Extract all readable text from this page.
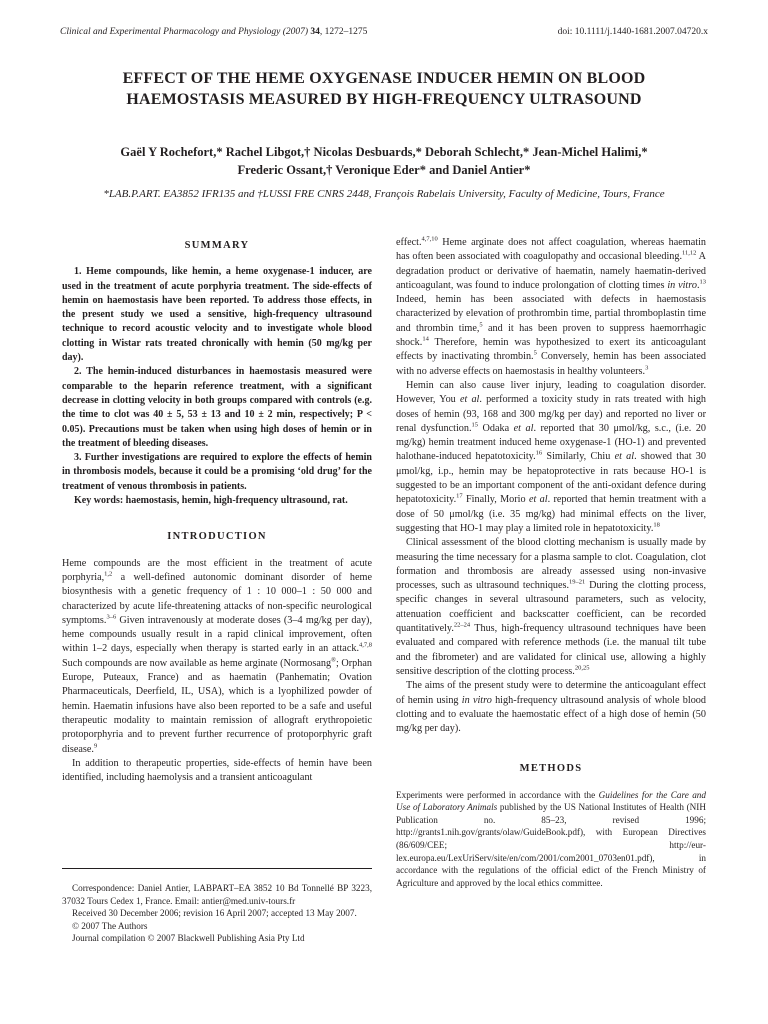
Clinical and Experimental Pharmacology and Physiology (2007) 34, 1272–1275	doi: 10.1111/j.1440-1681.2007.04720.x
EFFECT OF THE HEME OXYGENASE INDUCER HEMIN ON BLOOD
HAEMOSTASIS MEASURED BY HIGH-FREQUENCY ULTRASOUND
Gaël Y Rochefort,* Rachel Libgot,† Nicolas Desbuards,* Deborah Schlecht,* Jean-Michel Halimi,*
Frederic Ossant,† Veronique Eder* and Daniel Antier*
*LAB.P.ART. EA3852 IFR135 and †LUSSI FRE CNRS 2448, François Rabelais University, Faculty of Medicine, Tours, France
SUMMARY

1. Heme compounds, like hemin, a heme oxygenase-1 inducer, are used in the treatment of acute porphyria treatment. The side-effects of hemin on haemostasis have been reported. To address those effects, in the present study we used a sensitive, high-frequency ultrasound technique to record acoustic velocity and to investigate whole blood clotting in Wistar rats treated chronically with hemin (50 mg/kg per day).

2. The hemin-induced disturbances in haemostasis measured were comparable to the heparin reference treatment, with a significant decrease in clotting velocity in both groups compared with controls (e.g. the time to clot was 40 ± 5, 53 ± 13 and 10 ± 2 min, respectively; P < 0.05). Precautions must be taken when using high doses of hemin or in the treatment of bleeding diseases.

3. Further investigations are required to explore the effects of hemin in thrombosis models, because it could be a promising ‘old drug’ for the treatment of venous thrombosis in patients.

Key words: haemostasis, hemin, high-frequency ultrasound, rat.

INTRODUCTION

Heme compounds are the most efficient in the treatment of acute porphyria,$^{1,2}$ a well-defined autonomic dominant disorder of heme biosynthesis with a genetic frequency of 1 : 10 000–1 : 50 000 and characterized by acute life-threatening attacks of non-specific neurological symptoms.$^{3-6}$ Given intravenously at moderate doses (3–4 mg/kg per day), heme compounds usually result in a rapid clinical improvement, often within 1–2 days, especially when therapy is started early in an attack.$^{4,7,8}$ Such compounds are now available as heme arginate (Normosang®; Orphan Europe, Puteaux, France) and as haematin (Panhematin; Ovation Pharmaceuticals, Deerfield, IL, USA), which is a lyophilized powder of hemin. Haematin infusions have also been reported to be a safe and useful therapeutic modality to maintain remission of allograft erythropoietic protoporphyria and to prevent further recurrence of protoporphyric graft disease.$^9$

In addition to therapeutic properties, side-effects of hemin have been identified, including haemolysis and a transient anticoagulant

Correspondence: Daniel Antier, LABPART–EA 3852 10 Bd Tonnellé BP 3223, 37032 Tours Cedex 1, France. Email: antier@med.univ-tours.fr

Received 30 December 2006; revision 16 April 2007; accepted 13 May 2007.

© 2007 The Authors

Journal compilation © 2007 Blackwell Publishing Asia Pty Ltd

effect.$^{4,7,10}$ Heme arginate does not affect coagulation, whereas haematin has often been associated with coagulopathy and occasional bleeding.$^{11,12}$ A degradation product or derivative of haematin, namely haematin-derived anticoagulant, was found to induce prolongation of clotting times in vitro.$^{13}$ Indeed, hemin has been associated with defects in haemostasis characterized by elevation of prothrombin time, partial thromboplastin time and thrombin time,$^5$ and it has been proven to suppress haemorrhagic shock.$^{14}$ Therefore, hemin was hypothesized to exert its anticoagulant effects by inactivating thrombin.$^5$ Conversely, hemin has been associated with no adverse effects on haemostasis in healthy volunteers.$^3$

Hemin can also cause liver injury, leading to coagulation disorder. However, You et al. performed a toxicity study in rats treated with high doses of hemin (93, 168 and 300 mg/kg per day) and reported no liver or renal dysfunction.$^{15}$ Odaka et al. reported that 30 μmol/kg, s.c., (i.e. 20 mg/kg) hemin treatment induced heme oxygenase-1 (HO-1) and prevented halothane-induced hepatotoxicity.$^{16}$ Similarly, Chiu et al. showed that 30 μmol/kg, i.p., hemin may be hepatoprotective in rats because HO-1 is suggested to be an important component of the anti-oxidant defence during hepatotoxicity.$^{17}$ Finally, Morio et al. reported that hemin treatment with a dose of 50 μmol/kg (i.e. 35 mg/kg) had minimal effects on the liver, suggesting that HO-1 may play a limited role in hepatotoxicity.$^{18}$

Clinical assessment of the blood clotting mechanism is usually made by measuring the time necessary for a plasma sample to clot. Coagulation, clot formation and thrombosis are already assessed using non-invasive processes, such as ultrasound techniques.$^{19-21}$ During the clotting process, specific changes in several ultrasound parameters, such as velocity, attenuation coefficient and backscatter coefficient, can be recorded quantitatively.$^{22-24}$ Thus, high-frequency ultrasound techniques have been evaluated and compared with reference methods (i.e. the manual tilt tube and the fibrometer) and are validated for clinical use, allowing a highly sensitive description of the clotting process.$^{20,25}$

The aims of the present study were to determine the anticoagulant effect of hemin using in vitro high-frequency ultrasound analysis of whole blood clotting and to evaluate the haemostatic effect of a high dose of hemin (50 mg/kg per day).

METHODS
Experiments were performed in accordance with the Guidelines for the Care and Use of Laboratory Animals published by the US National Institutes of Health (NIH Publication no. 85–23, revised 1996; http://grants1.nih.gov/grants/olaw/GuideBook.pdf), with European Directives (86/609/CEE; http://eur-lex.europa.eu/LexUriServ/site/en/com/2001/com2001_0703en01.pdf), in accordance with the regulations of the official edict of the French Ministry of Agriculture and approved by the local ethics committee.
